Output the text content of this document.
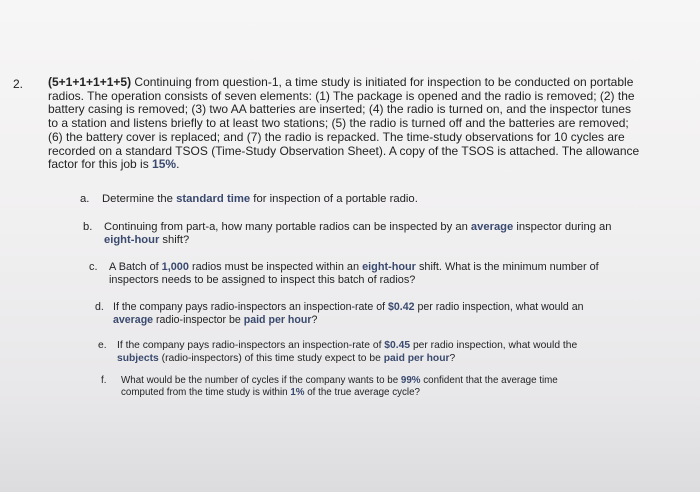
2. (5+1+1+1+1+5) Continuing from question-1, a time study is initiated for inspection to be conducted on portable
radios. The operation consists of seven elements: (1) The package is opened and the radio is removed; (2) the
battery casing is removed; (3) two AA batteries are inserted; (4) the radio is turned on, and the inspector tunes
to a station and listens briefly to at least two stations; (5) the radio is turned off and the batteries are removed;
(6) the battery cover is replaced; and (7) the radio is repacked. The time-study observations for 10 cycles are
recorded on a standard TSOS (Time-Study Observation Sheet). A copy of the TSOS is attached. The allowance
factor for this job is 15%.
a. Determine the standard time for inspection of a portable radio.
b. Continuing from part-a, how many portable radios can be inspected by an average inspector during an
eight-hour shift?
c. A Batch of 1,000 radios must be inspected within an eight-hour shift. What is the minimum number of
inspectors needs to be assigned to inspect this batch of radios?
d. If the company pays radio-inspectors an inspection-rate of $0.42 per radio inspection, what would an
average radio-inspector be paid per hour?
e. If the company pays radio-inspectors an inspection-rate of $0.45 per radio inspection, what would the
subjects (radio-inspectors) of this time study expect to be paid per hour?
f. What would be the number of cycles if the company wants to be 99% confident that the average time
computed from the time study is within 1% of the true average cycle?
